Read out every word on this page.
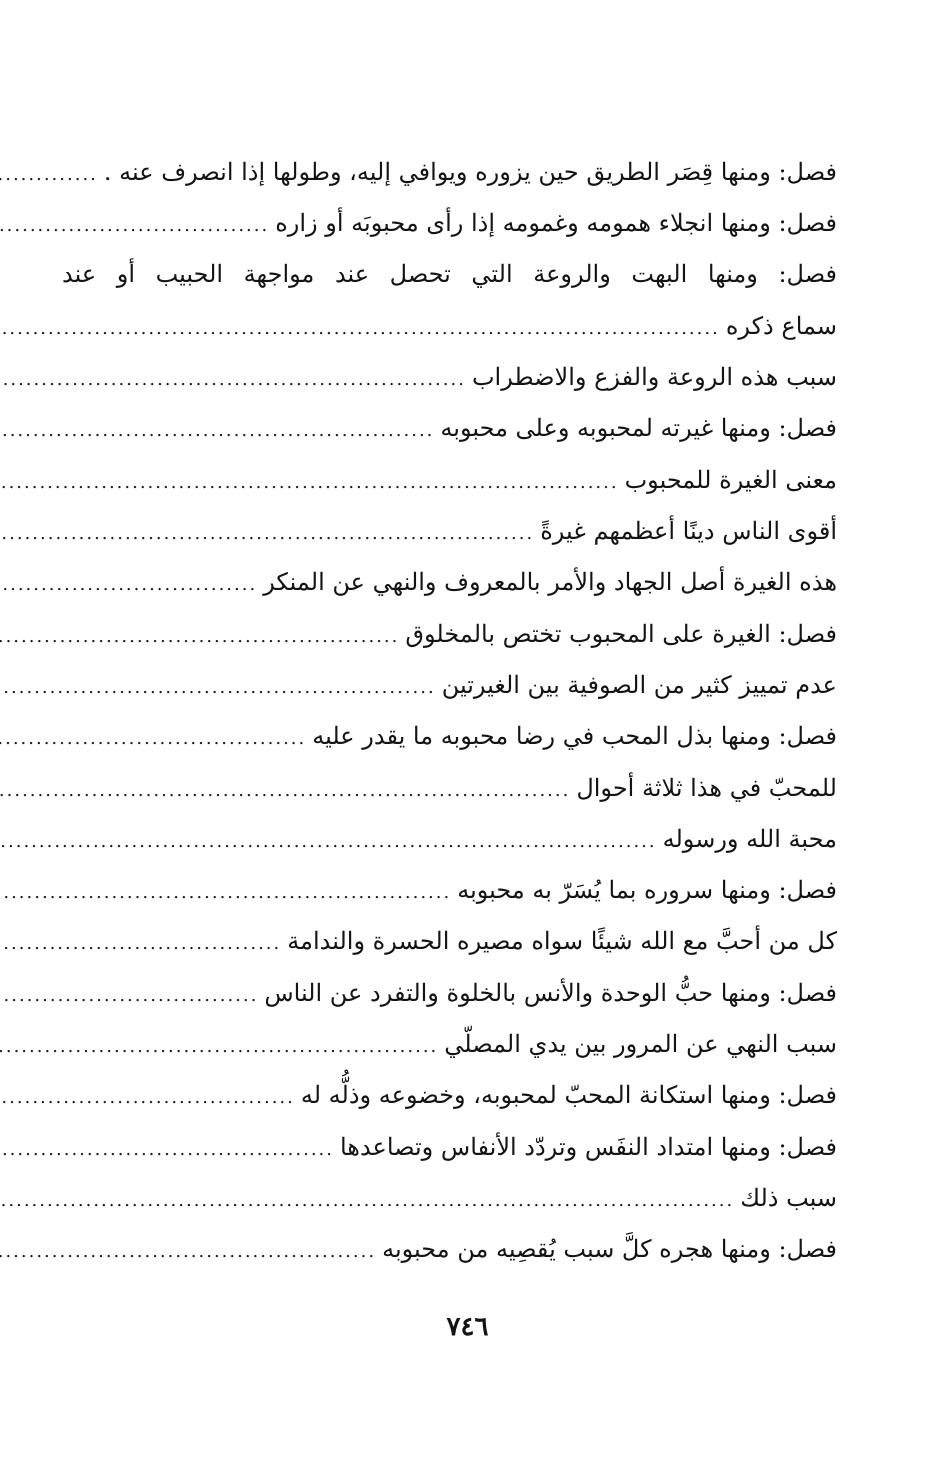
فصل: ومنها قِصَر الطريق حين يزوره ويوافي إليه، وطولها إذا انصرف عنه .
.....
فصل: ومنها انجلاء همومه وغمومه إذا رأى محبوبَه أو زاره
.....
فصل: ومنها البهت والروعة التي تحصل عند مواجهة الحبيب أو عند
سماع ذكره
.....
سبب هذه الروعة والفزع والاضطراب
.....
فصل: ومنها غيرته لمحبوبه وعلى محبوبه
.....
معنى الغيرة للمحبوب
.....
أقوى الناس دينًا أعظمهم غيرةً
.....
هذه الغيرة أصل الجهاد والأمر بالمعروف والنهي عن المنكر
.....
فصل: الغيرة على المحبوب تختص بالمخلوق
.....
عدم تمييز كثير من الصوفية بين الغيرتين
.....
فصل: ومنها بذل المحب في رضا محبوبه ما يقدر عليه
.....
للمحبّ في هذا ثلاثة أحوال
.....
محبة الله ورسوله
.....
فصل: ومنها سروره بما يُسَرّ به محبوبه
.....
كل من أحبَّ مع الله شيئًا سواه مصيره الحسرة والندامة
.....
فصل: ومنها حبُّ الوحدة والأنس بالخلوة والتفرد عن الناس
.....
سبب النهي عن المرور بين يدي المصلّي
.....
فصل: ومنها استكانة المحبّ لمحبوبه، وخضوعه وذلُّه له
.....
فصل: ومنها امتداد النفَس وتردّد الأنفاس وتصاعدها
.....
سبب ذلك
.....
فصل: ومنها هجره كلَّ سبب يُقصِيه من محبوبه
.....
٧٤٦
